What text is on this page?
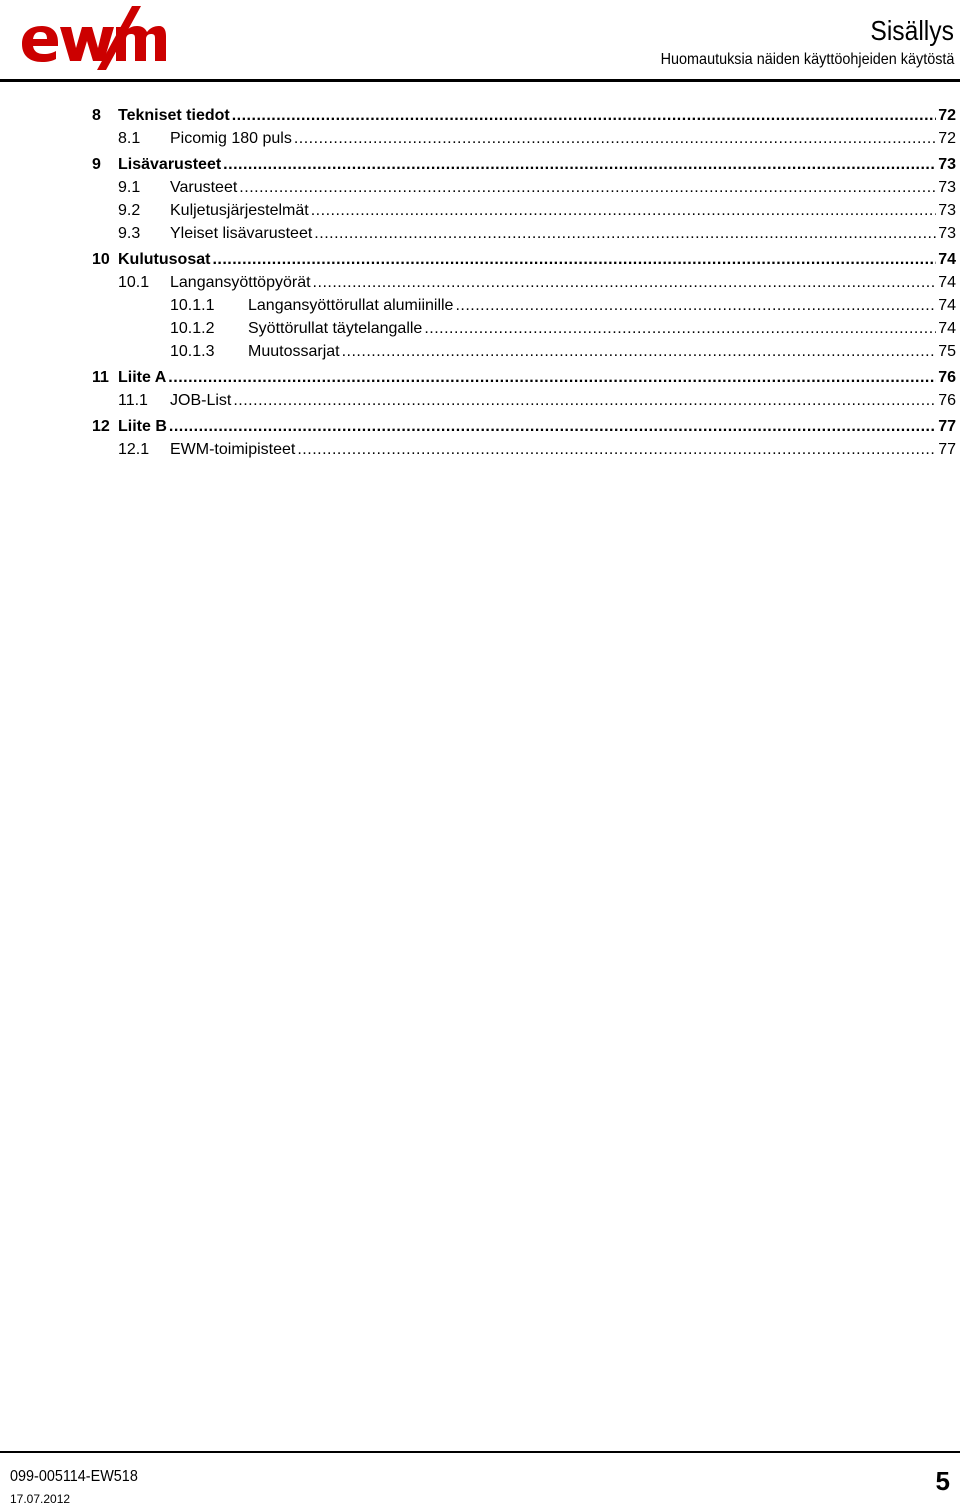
Sisällys
Huomautuksia näiden käyttöohjeiden käytöstä
8	Tekniset tiedot .....	72
8.1	Picomig 180 puls .....	72
9	Lisävarusteet .....	73
9.1	Varusteet .....	73
9.2	Kuljetusjärjestelmät .....	73
9.3	Yleiset lisävarusteet .....	73
10 Kulutusosat .....	74
10.1	Langansyöttöpyörät .....	74
10.1.1	Langansyöttörullat alumiinille .....	74
10.1.2	Syöttörullat täytelangalle .....	74
10.1.3	Muutossarjat .....	75
11 Liite A .....	76
11.1	JOB-List .....	76
12 Liite B .....	77
12.1	EWM-toimipisteet .....	77
099-005114-EW518
17.07.2012
5
